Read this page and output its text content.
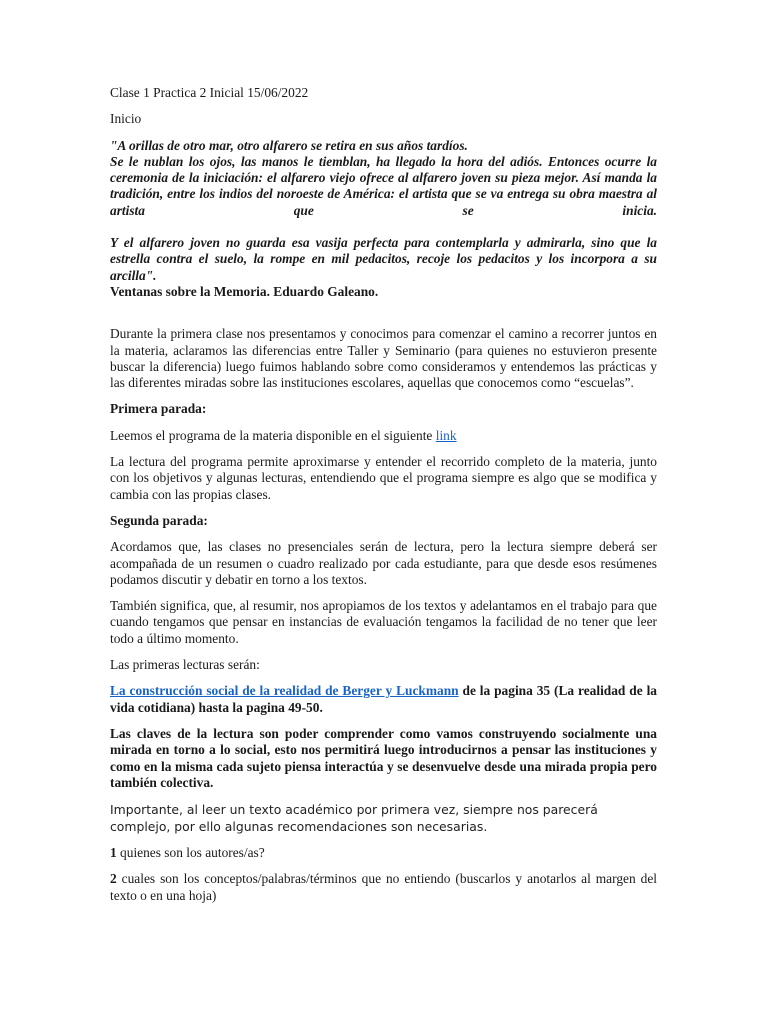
Clase 1 Practica 2 Inicial 15/06/2022

Inicio

"A orillas de otro mar, otro alfarero se retira en sus años tardíos.

Se le nublan los ojos, las manos le tiemblan, ha llegado la hora del adiós. Entonces ocurre la ceremonia de la iniciación: el alfarero viejo ofrece al alfarero joven su pieza mejor. Así manda la tradición, entre los indios del noroeste de América: el artista que se va entrega su obra maestra al artista que se inicia.

Y el alfarero joven no guarda esa vasija perfecta para contemplarla y admirarla, sino que la estrella contra el suelo, la rompe en mil pedacitos, recoje los pedacitos y los incorpora a su arcilla".

Ventanas sobre la Memoria. Eduardo Galeano.

Durante la primera clase nos presentamos y conocimos para comenzar el camino a recorrer juntos en la materia, aclaramos las diferencias entre Taller y Seminario (para quienes no estuvieron presente buscar la diferencia) luego fuimos hablando sobre como consideramos y entendemos las prácticas y las diferentes miradas sobre las instituciones escolares, aquellas que conocemos como “escuelas”.

Primera parada:

Leemos el programa de la materia disponible en el siguiente link

La lectura del programa permite aproximarse y entender el recorrido completo de la materia, junto con los objetivos y algunas lecturas, entendiendo que el programa siempre es algo que se modifica y cambia con las propias clases.

Segunda parada:

Acordamos que, las clases no presenciales serán de lectura, pero la lectura siempre deberá ser acompañada de un resumen o cuadro realizado por cada estudiante, para que desde esos resúmenes podamos discutir y debatir en torno a los textos.

También significa, que, al resumir, nos apropiamos de los textos y adelantamos en el trabajo para que cuando tengamos que pensar en instancias de evaluación tengamos la facilidad de no tener que leer todo a último momento.

Las primeras lecturas serán:

La construcción social de la realidad de Berger y Luckmann de la pagina 35 (La realidad de la vida cotidiana) hasta la pagina 49-50.

Las claves de la lectura son poder comprender como vamos construyendo socialmente una mirada en torno a lo social, esto nos permitirá luego introducirnos a pensar las instituciones y como en la misma cada sujeto piensa interactúa y se desenvuelve desde una mirada propia pero también colectiva.

Importante, al leer un texto académico por primera vez, siempre nos parecerá complejo, por ello algunas recomendaciones son necesarias.

1 quienes son los autores/as?

2 cuales son los conceptos/palabras/términos que no entiendo (buscarlos y anotarlos al margen del texto o en una hoja)
